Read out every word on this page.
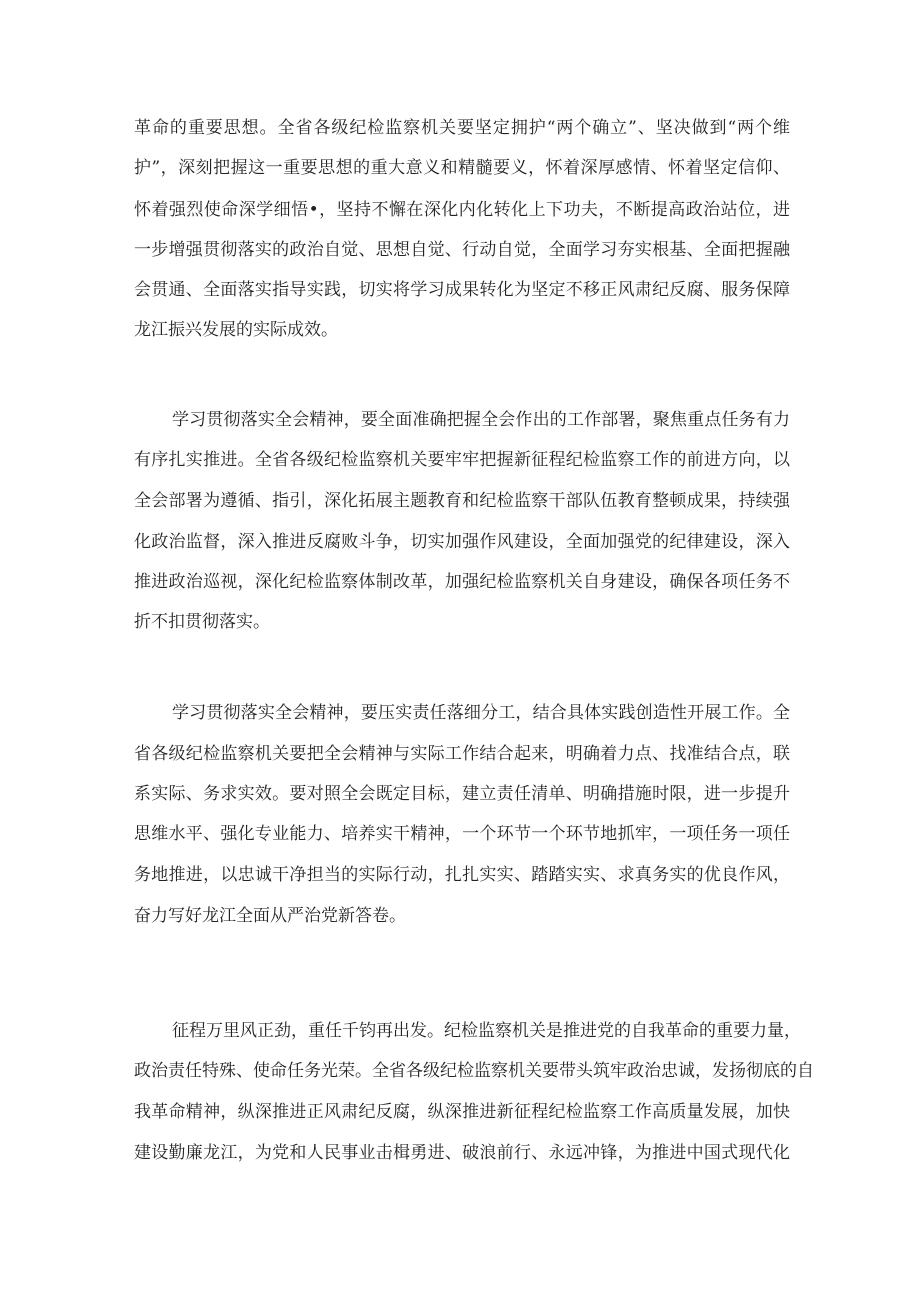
革命的重要思想。全省各级纪检监察机关要坚定拥护“两个确立”、坚决做到“两个维
护”，深刻把握这一重要思想的重大意义和精髓要义，怀着深厚感情、怀着坚定信仰、
怀着强烈使命深学细悟•，坚持不懈在深化内化转化上下功夫，不断提高政治站位，进
一步增强贯彻落实的政治自觉、思想自觉、行动自觉，全面学习夯实根基、全面把握融
会贯通、全面落实指导实践，切实将学习成果转化为坚定不移正风肃纪反腐、服务保障
龙江振兴发展的实际成效。
学习贯彻落实全会精神，要全面准确把握全会作出的工作部署，聚焦重点任务有力
有序扎实推进。全省各级纪检监察机关要牢牢把握新征程纪检监察工作的前进方向，以
全会部署为遵循、指引，深化拓展主题教育和纪检监察干部队伍教育整顿成果，持续强
化政治监督，深入推进反腐败斗争，切实加强作风建设，全面加强党的纪律建设，深入
推进政治巡视，深化纪检监察体制改革，加强纪检监察机关自身建设，确保各项任务不
折不扣贯彻落实。
学习贯彻落实全会精神，要压实责任落细分工，结合具体实践创造性开展工作。全
省各级纪检监察机关要把全会精神与实际工作结合起来，明确着力点、找准结合点，联
系实际、务求实效。要对照全会既定目标，建立责任清单、明确措施时限，进一步提升
思维水平、强化专业能力、培养实干精神，一个环节一个环节地抓牢，一项任务一项任
务地推进，以忠诚干净担当的实际行动，扎扎实实、踏踏实实、求真务实的优良作风，
奋力写好龙江全面从严治党新答卷。
征程万里风正劲，重任千钧再出发。纪检监察机关是推进党的自我革命的重要力量，
政治责任特殊、使命任务光荣。全省各级纪检监察机关要带头筑牢政治忠诚，发扬彻底的自
我革命精神，纵深推进正风肃纪反腐，纵深推进新征程纪检监察工作高质量发展，加快
建设勤廉龙江，为党和人民事业击楫勇进、破浪前行、永远冲锋，为推进中国式现代化
